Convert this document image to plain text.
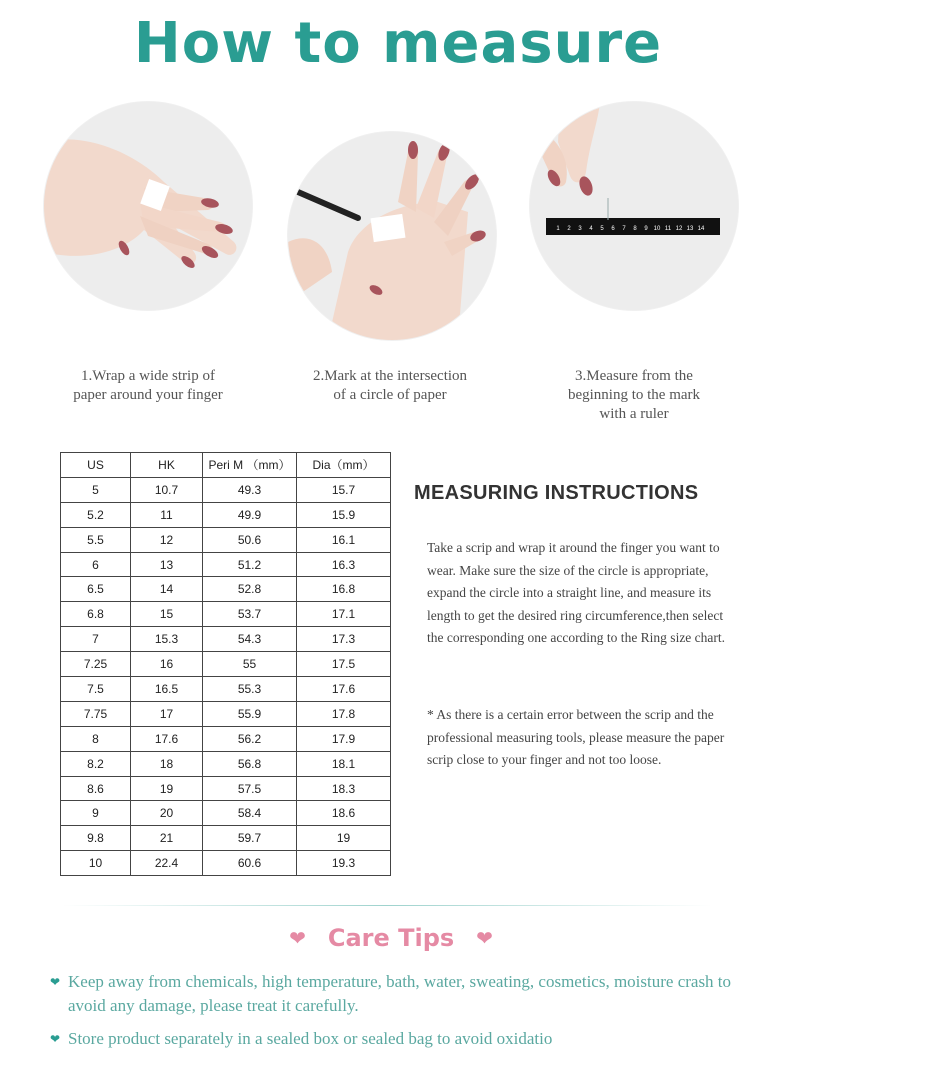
How to measure
1 2 3 4 5 6 7 8 9 10 11 12 13 14
1.Wrap a wide strip of
paper around your finger
2.Mark at the intersection
of a circle of paper
3.Measure from the
beginning to the mark
with a ruler
US	HK	Peri M （mm）	Dia（mm）
5	10.7	49.3	15.7
5.2	11	49.9	15.9
5.5	12	50.6	16.1
6	13	51.2	16.3
6.5	14	52.8	16.8
6.8	15	53.7	17.1
7	15.3	54.3	17.3
7.25	16	55	17.5
7.5	16.5	55.3	17.6
7.75	17	55.9	17.8
8	17.6	56.2	17.9
8.2	18	56.8	18.1
8.6	19	57.5	18.3
9	20	58.4	18.6
9.8	21	59.7	19
10	22.4	60.6	19.3
MEASURING INSTRUCTIONS

Take a scrip and wrap it around the finger you want to wear. Make sure the size of the circle is appropriate, expand the circle into a straight line, and measure its length to get the desired ring circumference,then select the corresponding one according to the Ring size chart.

* As there is a certain error between the scrip and the professional measuring tools, please measure the paper scrip close to your finger and not too loose.

❤ Care Tips ❤
❤ Keep away from chemicals, high temperature, bath, water, sweating, cosmetics, moisture crash to avoid any damage, please treat it carefully.
❤ Store product separately in a sealed box or sealed bag to avoid oxidatio
